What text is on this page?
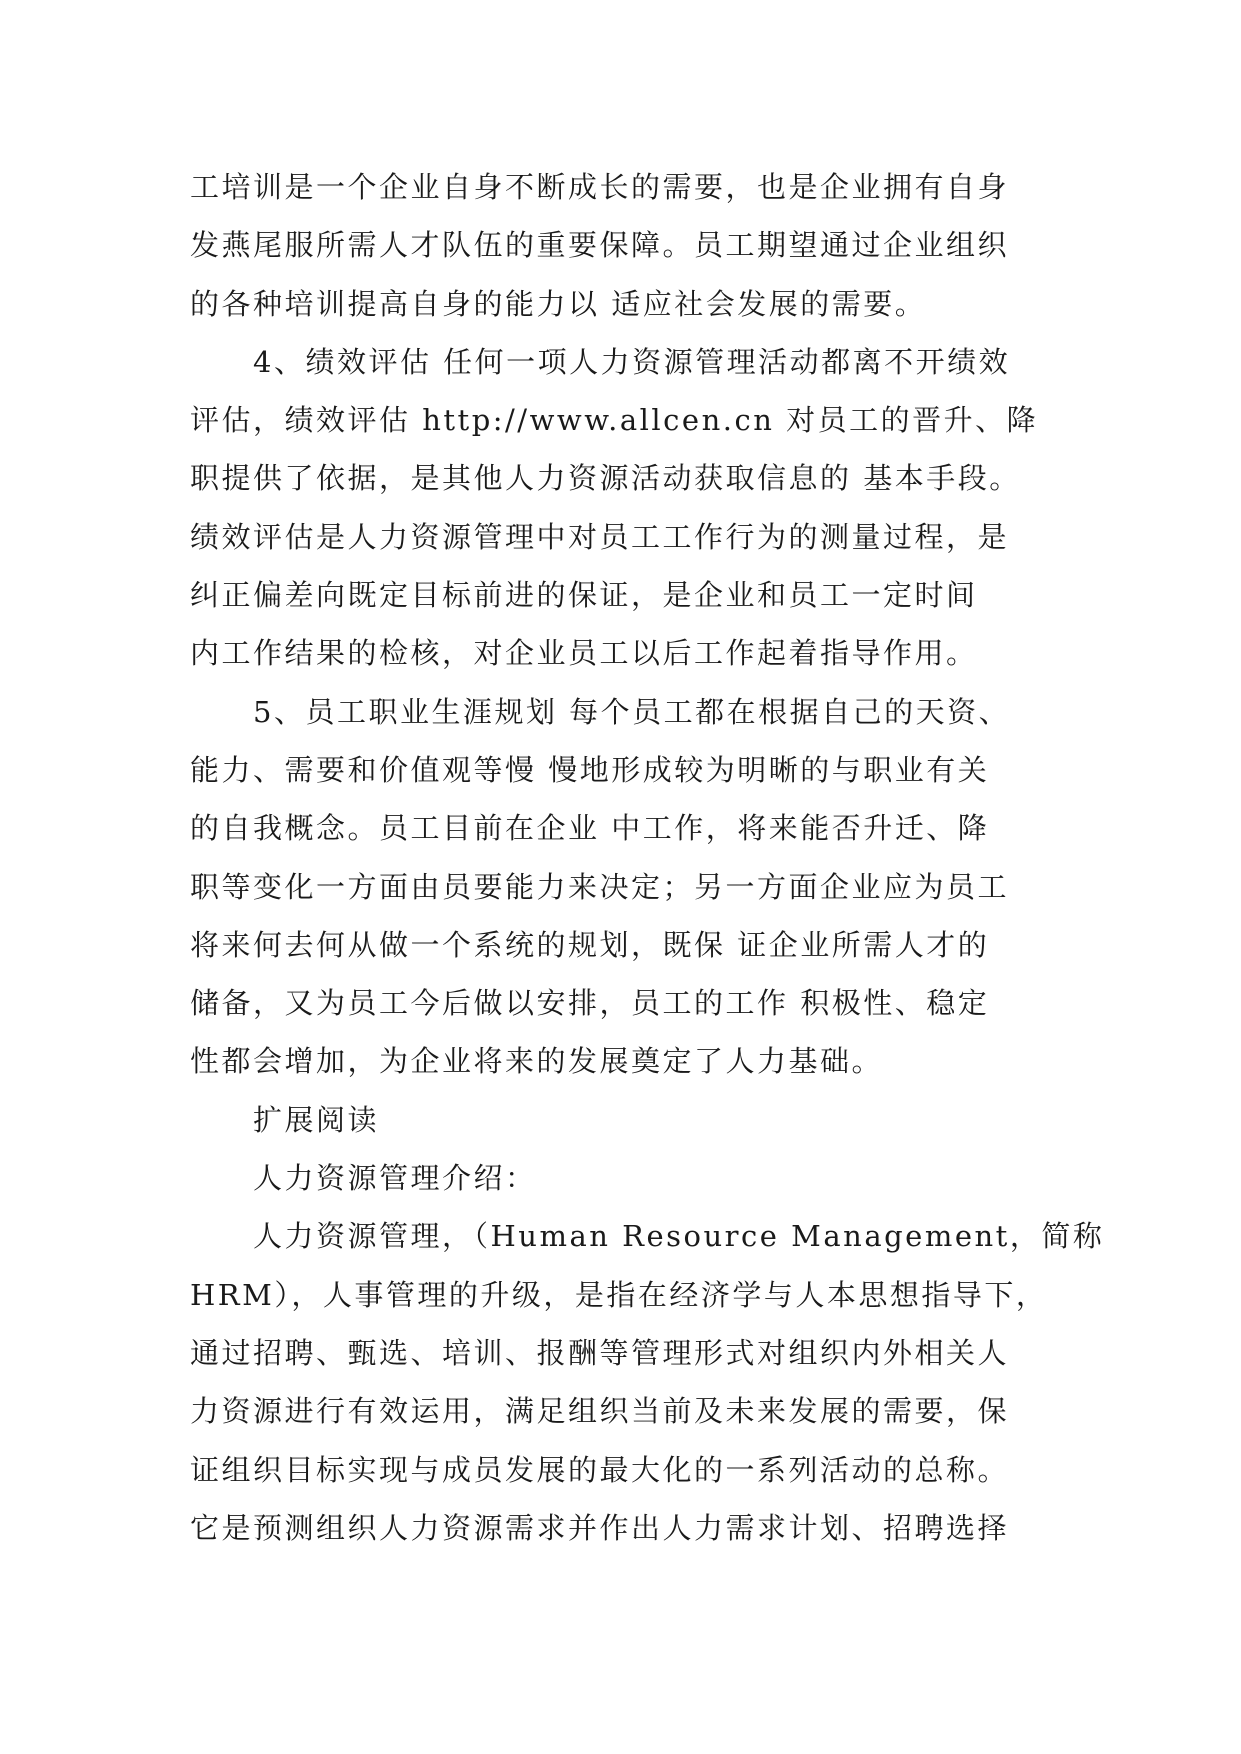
工培训是一个企业自身不断成长的需要，也是企业拥有自身
发燕尾服所需人才队伍的重要保障。员工期望通过企业组织
的各种培训提高自身的能力以 适应社会发展的需要。
　　4、绩效评估 任何一项人力资源管理活动都离不开绩效
评估，绩效评估 http://www.allcen.cn 对员工的晋升、降
职提供了依据，是其他人力资源活动获取信息的 基本手段。
绩效评估是人力资源管理中对员工工作行为的测量过程，是
纠正偏差向既定目标前进的保证，是企业和员工一定时间
内工作结果的检核，对企业员工以后工作起着指导作用。
　　5、员工职业生涯规划 每个员工都在根据自己的天资、
能力、需要和价值观等慢 慢地形成较为明晰的与职业有关
的自我概念。员工目前在企业 中工作，将来能否升迁、降
职等变化一方面由员要能力来决定；另一方面企业应为员工
将来何去何从做一个系统的规划，既保 证企业所需人才的
储备，又为员工今后做以安排，员工的工作 积极性、稳定
性都会增加，为企业将来的发展奠定了人力基础。
　　扩展阅读
　　人力资源管理介绍：
　　人力资源管理，（Human Resource Management，简称
HRM），人事管理的升级，是指在经济学与人本思想指导下，
通过招聘、甄选、培训、报酬等管理形式对组织内外相关人
力资源进行有效运用，满足组织当前及未来发展的需要，保
证组织目标实现与成员发展的最大化的一系列活动的总称。
它是预测组织人力资源需求并作出人力需求计划、招聘选择
